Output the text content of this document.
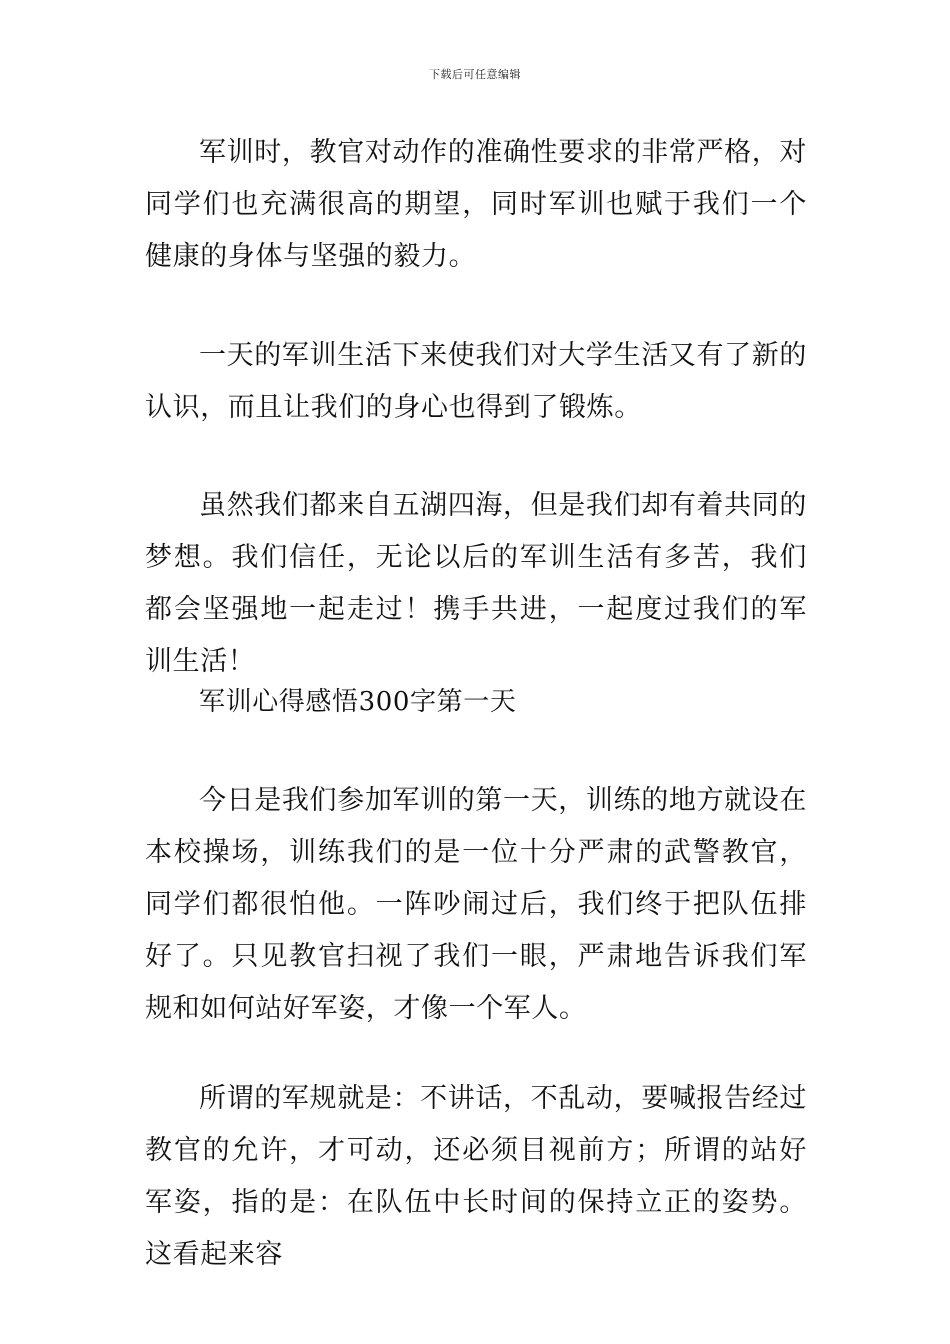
下载后可任意编辑

军训时，教官对动作的准确性要求的非常严格，对同学们也充满很高的期望，同时军训也赋于我们一个健康的身体与坚强的毅力。

一天的军训生活下来使我们对大学生活又有了新的认识，而且让我们的身心也得到了锻炼。

虽然我们都来自五湖四海，但是我们却有着共同的梦想。我们信任，无论以后的军训生活有多苦，我们都会坚强地一起走过！携手共进，一起度过我们的军训生活！

军训心得感悟300字第一天

今日是我们参加军训的第一天，训练的地方就设在本校操场，训练我们的是一位十分严肃的武警教官，同学们都很怕他。一阵吵闹过后，我们终于把队伍排好了。只见教官扫视了我们一眼，严肃地告诉我们军规和如何站好军姿，才像一个军人。

所谓的军规就是：不讲话，不乱动，要喊报告经过教官的允许，才可动，还必须目视前方；所谓的站好军姿，指的是：在队伍中长时间的保持立正的姿势。这看起来容
